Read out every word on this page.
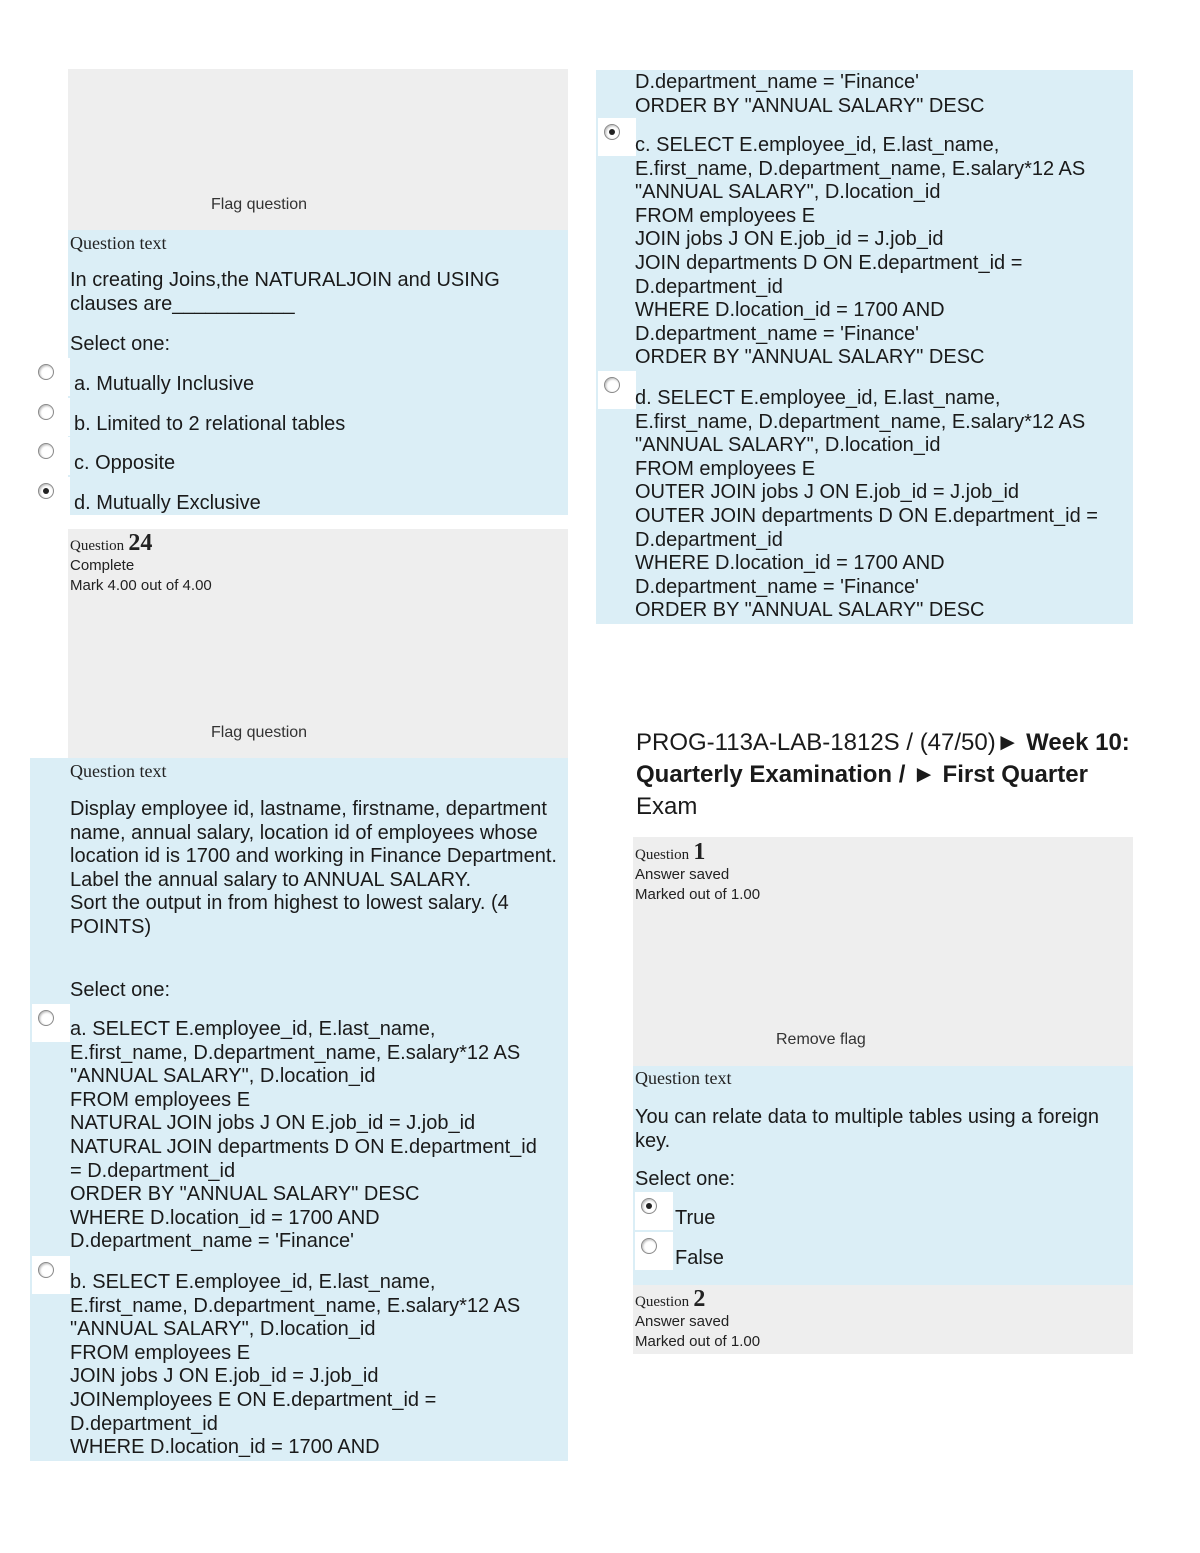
Flag question
Question text
In creating Joins,the NATURALJOIN and USING clauses are___________
Select one:
a. Mutually Inclusive
b. Limited to 2 relational tables
c. Opposite
d. Mutually Exclusive
Question 24
Complete
Mark 4.00 out of 4.00
Flag question
Question text
Display employee id, lastname, firstname, department name, annual salary, location id of employees whose location id is 1700 and working in Finance Department. Label the annual salary to ANNUAL SALARY.
Sort the output in from highest to lowest salary. (4 POINTS)
Select one:
a. SELECT E.employee_id, E.last_name,
E.first_name, D.department_name, E.salary*12 AS
"ANNUAL SALARY", D.location_id
FROM employees E
NATURAL JOIN jobs J ON E.job_id = J.job_id
NATURAL JOIN departments D ON E.department_id
= D.department_id
ORDER BY "ANNUAL SALARY" DESC
WHERE D.location_id = 1700 AND
D.department_name = 'Finance'
b. SELECT E.employee_id, E.last_name,
E.first_name, D.department_name, E.salary*12 AS
"ANNUAL SALARY", D.location_id
FROM employees E
JOIN jobs J ON E.job_id = J.job_id
JOINemployees E ON E.department_id =
D.department_id
WHERE D.location_id = 1700 AND
D.department_name = 'Finance'
ORDER BY "ANNUAL SALARY" DESC
c. SELECT E.employee_id, E.last_name,
E.first_name, D.department_name, E.salary*12 AS
"ANNUAL SALARY", D.location_id
FROM employees E
JOIN jobs J ON E.job_id = J.job_id
JOIN departments D ON E.department_id =
D.department_id
WHERE D.location_id = 1700 AND
D.department_name = 'Finance'
ORDER BY "ANNUAL SALARY" DESC
d. SELECT E.employee_id, E.last_name,
E.first_name, D.department_name, E.salary*12 AS
"ANNUAL SALARY", D.location_id
FROM employees E
OUTER JOIN jobs J ON E.job_id = J.job_id
OUTER JOIN departments D ON E.department_id =
D.department_id
WHERE D.location_id = 1700 AND
D.department_name = 'Finance'
ORDER BY "ANNUAL SALARY" DESC
PROG-113A-LAB-1812S / (47/50)► Week 10: Quarterly Examination / ► First Quarter Exam
Question 1
Answer saved
Marked out of 1.00
Remove flag
Question text
You can relate data to multiple tables using a foreign key.
Select one:
True
False
Question 2
Answer saved
Marked out of 1.00
